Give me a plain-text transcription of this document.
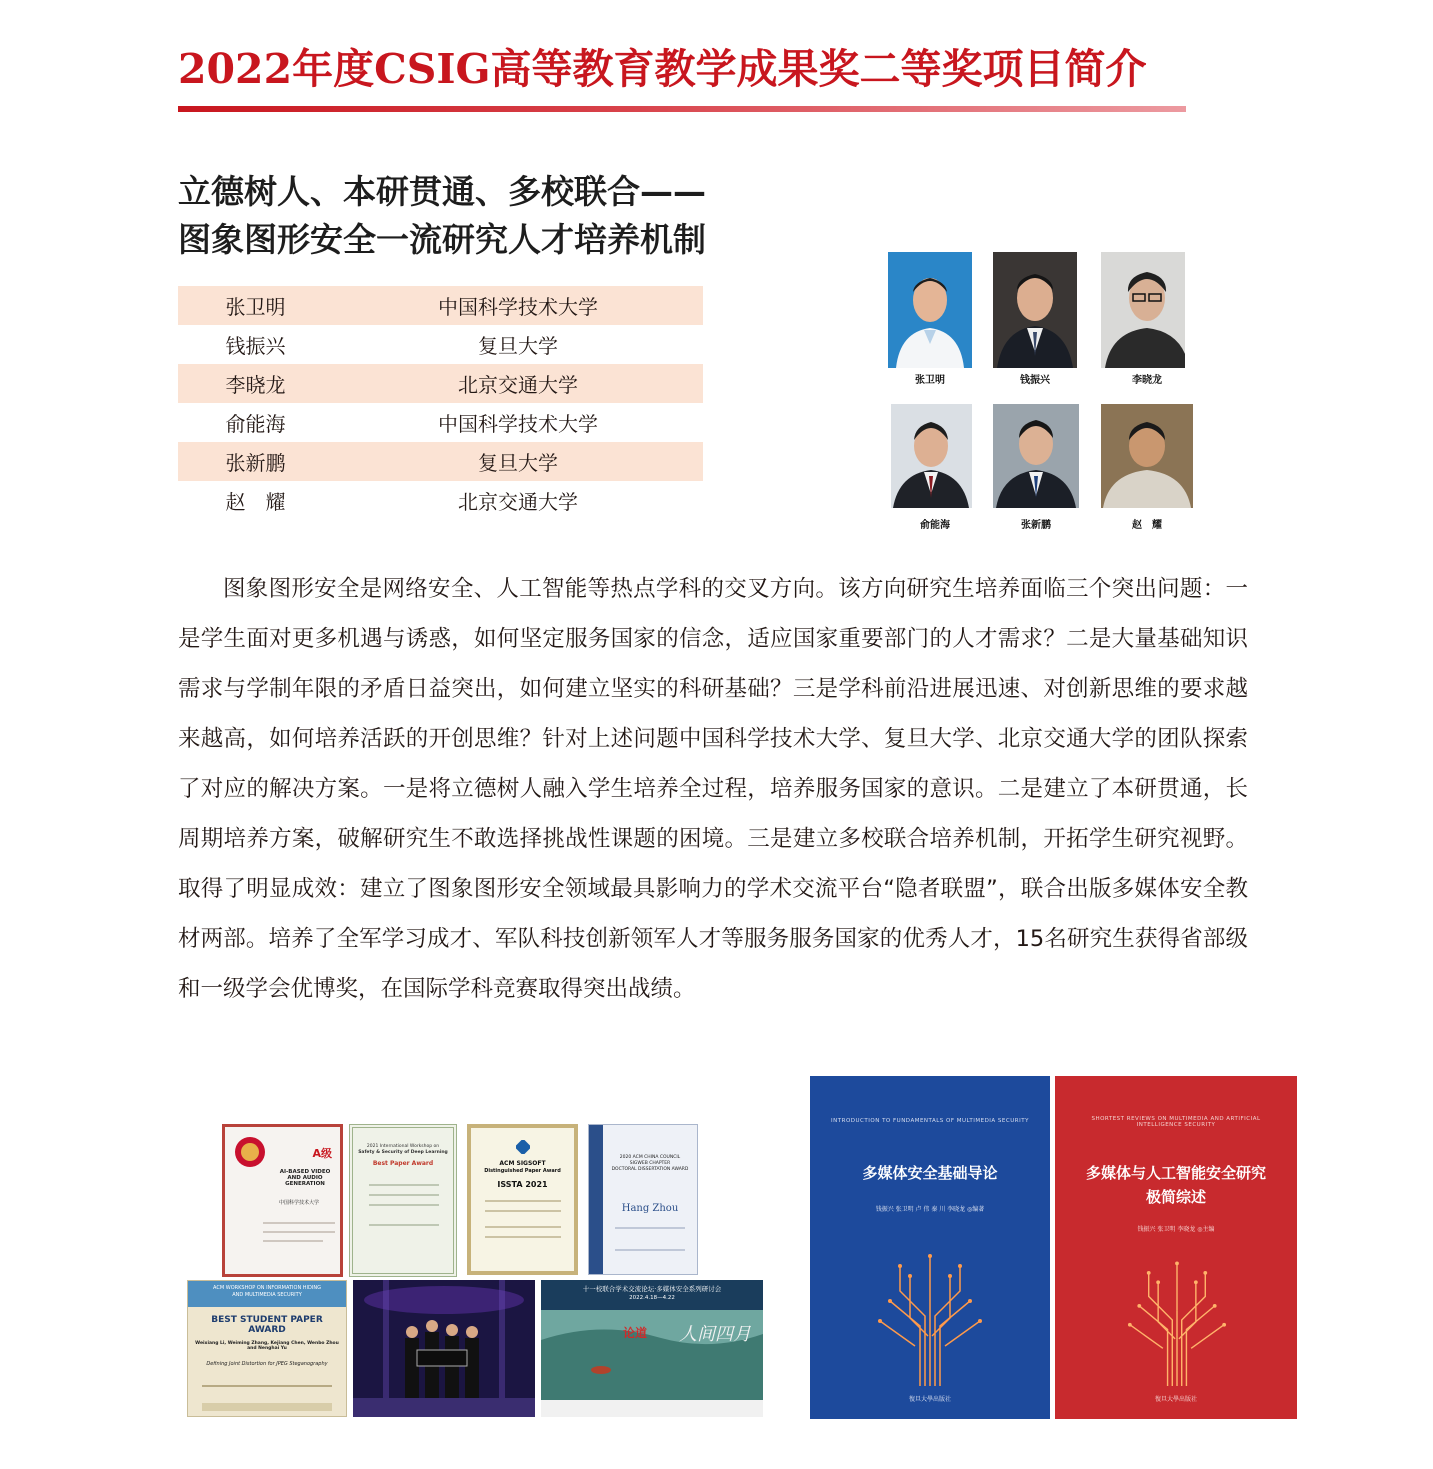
2022年度CSIG高等教育教学成果奖二等奖项目简介
立德树人、本研贯通、多校联合——
图象图形安全一流研究人才培养机制
张卫明	中国科学技术大学
钱振兴	复旦大学
李晓龙	北京交通大学
俞能海	中国科学技术大学
张新鹏	复旦大学
赵　耀	北京交通大学
张卫明	钱振兴	李晓龙
俞能海	张新鹏	赵　耀
图象图形安全是网络安全、人工智能等热点学科的交叉方向。该方向研究生培养面临三个突出问题：一是学生面对更多机遇与诱惑，如何坚定服务国家的信念，适应国家重要部门的人才需求？二是大量基础知识需求与学制年限的矛盾日益突出，如何建立坚实的科研基础？三是学科前沿进展迅速、对创新思维的要求越来越高，如何培养活跃的开创思维？针对上述问题中国科学技术大学、复旦大学、北京交通大学的团队探索了对应的解决方案。一是将立德树人融入学生培养全过程，培养服务国家的意识。二是建立了本研贯通，长周期培养方案，破解研究生不敢选择挑战性课题的困境。三是建立多校联合培养机制，开拓学生研究视野。取得了明显成效：建立了图象图形安全领域最具影响力的学术交流平台“隐者联盟”，联合出版多媒体安全教材两部。培养了全军学习成才、军队科技创新领军人才等服务服务国家的优秀人才，15名研究生获得省部级和一级学会优博奖，在国际学科竞赛取得突出战绩。
A级
AI-BASED VIDEO AND AUDIO GENERATION
中国科学技术大学
2021 International Workshop on
Safety & Security of Deep Learning
Best Paper Award	ACM SIGSOFT
Distinguished Paper Award
ISSTA 2021
2020 ACM CHINA COUNCIL
SIGWEB CHAPTER
DOCTORAL DISSERTATION AWARD
Hang Zhou
ACM WORKSHOP ON INFORMATION HIDING
AND MULTIMEDIA SECURITY
BEST STUDENT PAPER AWARD
Weixiang Li, Weiming Zhang, Kejiang Chen, Wenbo Zhou and Nenghai Yu
Defining Joint Distortion for JPEG Steganography
十一校联合学术交流论坛·多媒体安全系列研讨会
2022.4.18—4.22
论道 人间四月
INTRODUCTION TO FUNDAMENTALS OF MULTIMEDIA SECURITY
多媒体安全基础导论
钱振兴 张卫明 卢 伟 秦 川 李晓龙 ◎编著
復旦大學出版社
SHORTEST REVIEWS ON MULTIMEDIA AND ARTIFICIAL INTELLIGENCE SECURITY
多媒体与人工智能安全研究
极简综述
钱振兴 张卫明 李晓龙 ◎主编
復旦大學出版社
